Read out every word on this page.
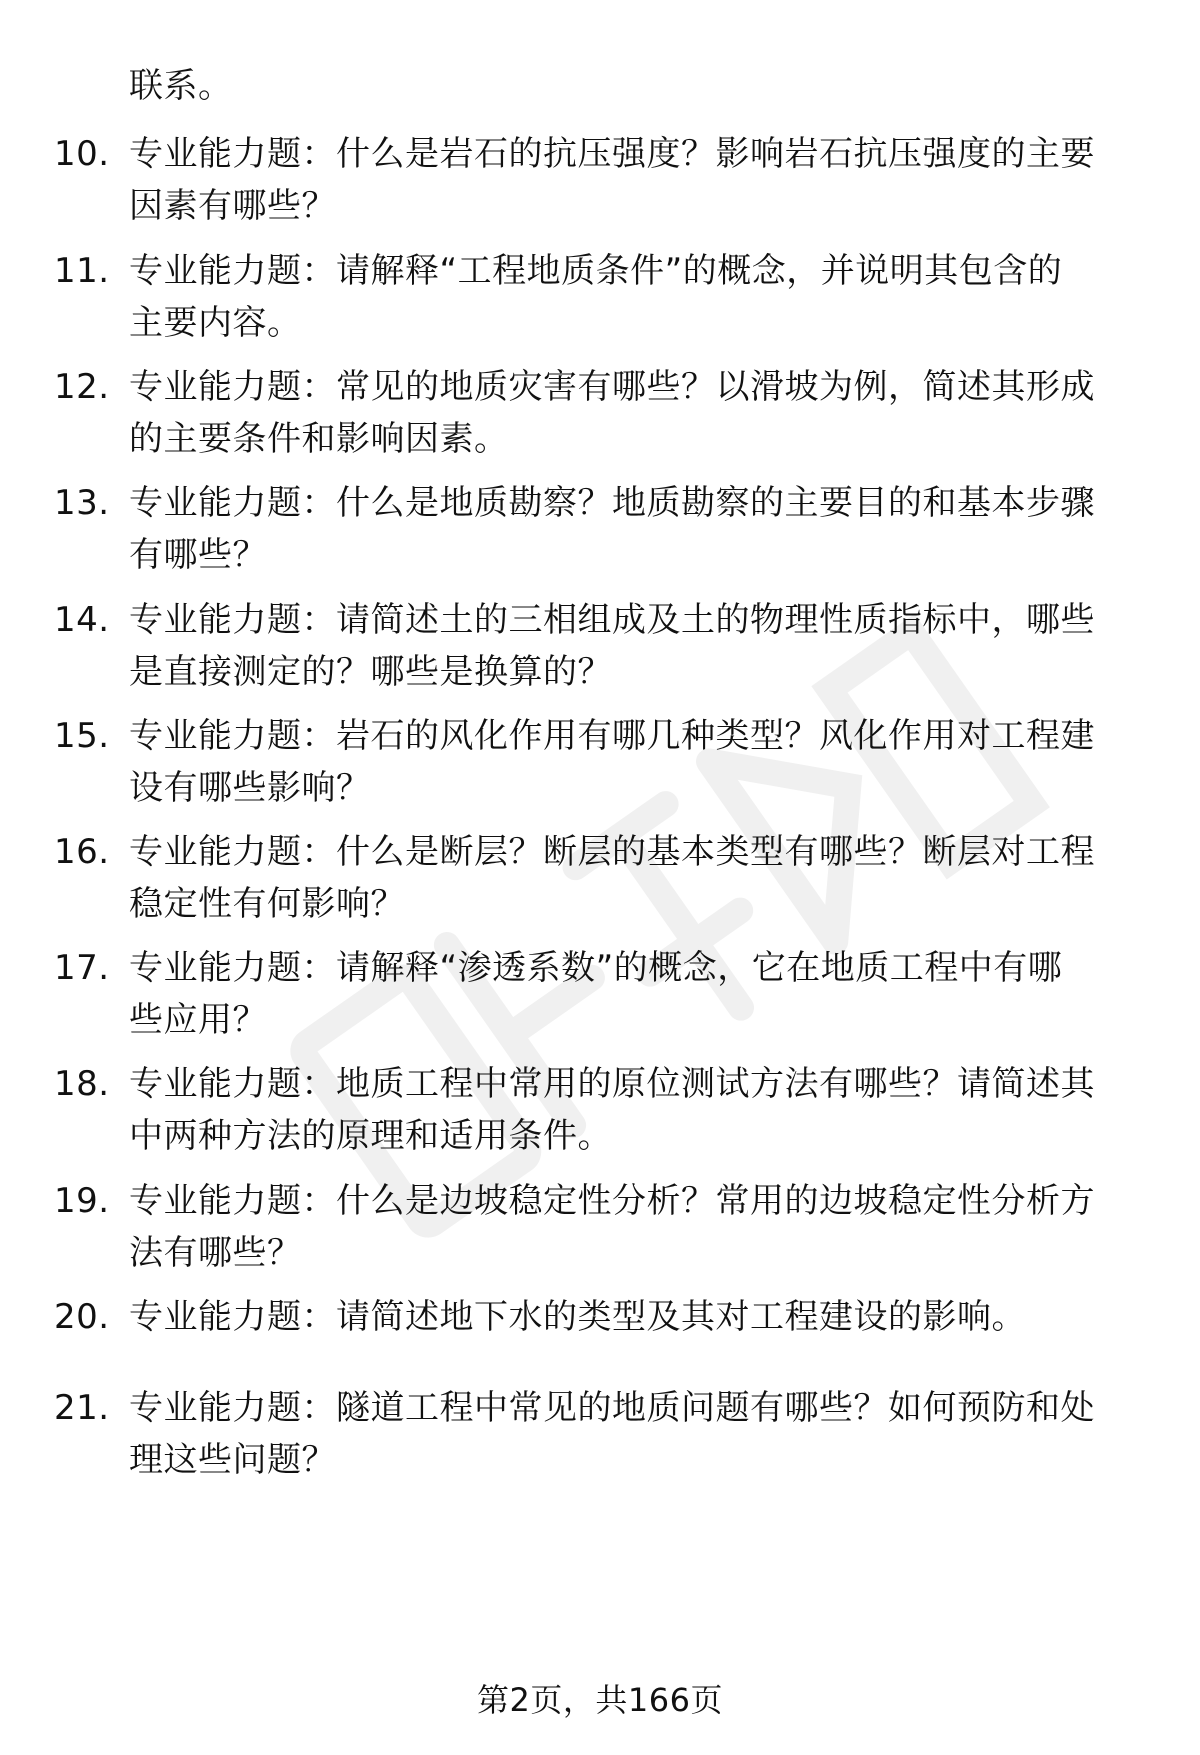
联系。
10. 专业能力题：什么是岩石的抗压强度？影响岩石抗压强度的主要
因素有哪些？
11. 专业能力题：请解释“工程地质条件”的概念，并说明其包含的
主要内容。
12. 专业能力题：常见的地质灾害有哪些？以滑坡为例，简述其形成
的主要条件和影响因素。
13. 专业能力题：什么是地质勘察？地质勘察的主要目的和基本步骤
有哪些？
14. 专业能力题：请简述土的三相组成及土的物理性质指标中，哪些
是直接测定的？哪些是换算的？
15. 专业能力题：岩石的风化作用有哪几种类型？风化作用对工程建
设有哪些影响？
16. 专业能力题：什么是断层？断层的基本类型有哪些？断层对工程
稳定性有何影响？
17. 专业能力题：请解释“渗透系数”的概念，它在地质工程中有哪
些应用？
18. 专业能力题：地质工程中常用的原位测试方法有哪些？请简述其
中两种方法的原理和适用条件。
19. 专业能力题：什么是边坡稳定性分析？常用的边坡稳定性分析方
法有哪些？
20. 专业能力题：请简述地下水的类型及其对工程建设的影响。
21. 专业能力题：隧道工程中常见的地质问题有哪些？如何预防和处
理这些问题？
第2页，共166页
